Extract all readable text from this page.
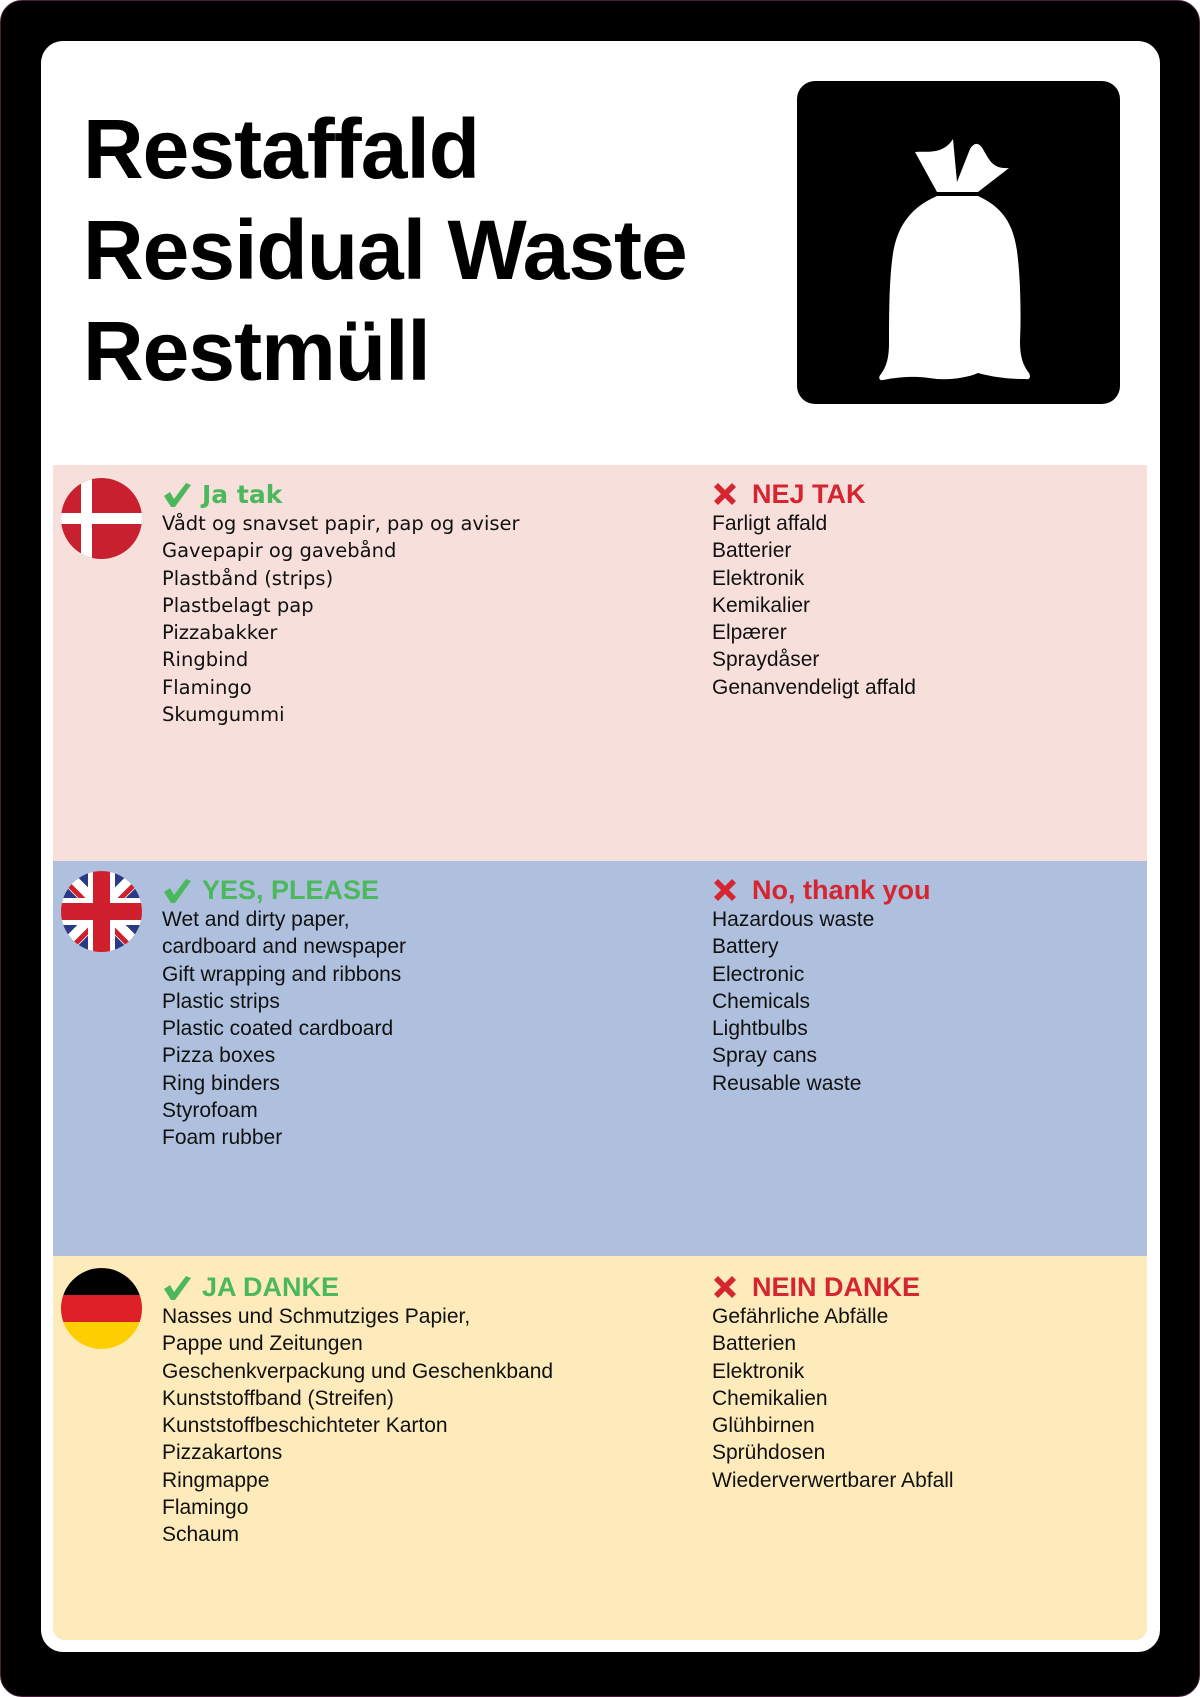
Restaffald
Residual Waste
Restmüll
Ja tak
Vådt og snavset papir, pap og aviser
Gavepapir og gavebånd
Plastbånd (strips)
Plastbelagt pap
Pizzabakker
Ringbind
Flamingo
Skumgummi
NEJ TAK
Farligt affald
Batterier
Elektronik
Kemikalier
Elpærer
Spraydåser
Genanvendeligt affald
YES, PLEASE
Wet and dirty paper,
cardboard and newspaper
Gift wrapping and ribbons
Plastic strips
Plastic coated cardboard
Pizza boxes
Ring binders
Styrofoam
Foam rubber
No, thank you
Hazardous waste
Battery
Electronic
Chemicals
Lightbulbs
Spray cans
Reusable waste
JA DANKE
Nasses und Schmutziges Papier,
Pappe und Zeitungen
Geschenkverpackung und Geschenkband
Kunststoffband (Streifen)
Kunststoffbeschichteter Karton
Pizzakartons
Ringmappe
Flamingo
Schaum
NEIN DANKE
Gefährliche Abfälle
Batterien
Elektronik
Chemikalien
Glühbirnen
Sprühdosen
Wiederverwertbarer Abfall
